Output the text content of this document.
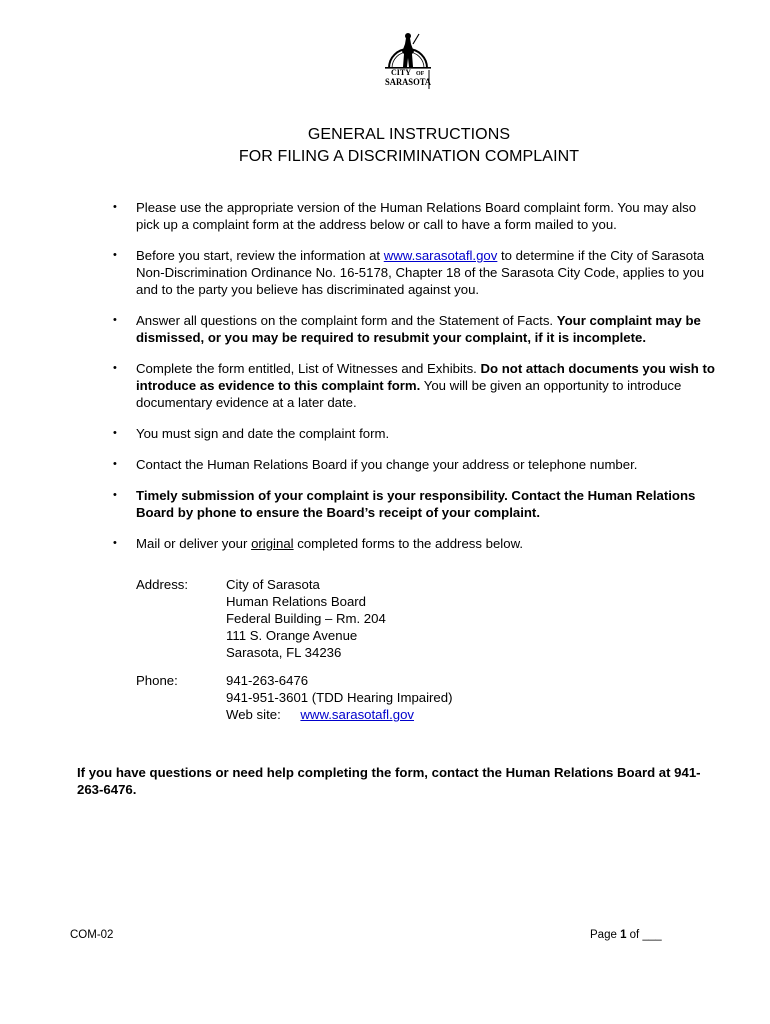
CITY OF
SARASOTA
GENERAL INSTRUCTIONS
FOR FILING A DISCRIMINATION COMPLAINT
• Please use the appropriate version of the Human Relations Board complaint form. You may also pick up a complaint form at the address below or call to have a form mailed to you.
• Before you start, review the information at www.sarasotafl.gov to determine if the City of Sarasota Non-Discrimination Ordinance No. 16-5178, Chapter 18 of the Sarasota City Code, applies to you and to the party you believe has discriminated against you.
• Answer all questions on the complaint form and the Statement of Facts. Your complaint may be dismissed, or you may be required to resubmit your complaint, if it is incomplete.
• Complete the form entitled, List of Witnesses and Exhibits. Do not attach documents you wish to introduce as evidence to this complaint form. You will be given an opportunity to introduce documentary evidence at a later date.
• You must sign and date the complaint form.
• Contact the Human Relations Board if you change your address or telephone number.
• Timely submission of your complaint is your responsibility. Contact the Human Relations Board by phone to ensure the Board’s receipt of your complaint.
• Mail or deliver your original completed forms to the address below.
Address:	City of Sarasota
Human Relations Board
Federal Building – Rm. 204
111 S. Orange Avenue
Sarasota, FL 34236
Phone:	941-263-6476
941-951-3601 (TDD Hearing Impaired)
Web site: www.sarasotafl.gov
If you have questions or need help completing the form, contact the Human Relations Board at 941-263-6476.
COM-02	Page 1 of ___
